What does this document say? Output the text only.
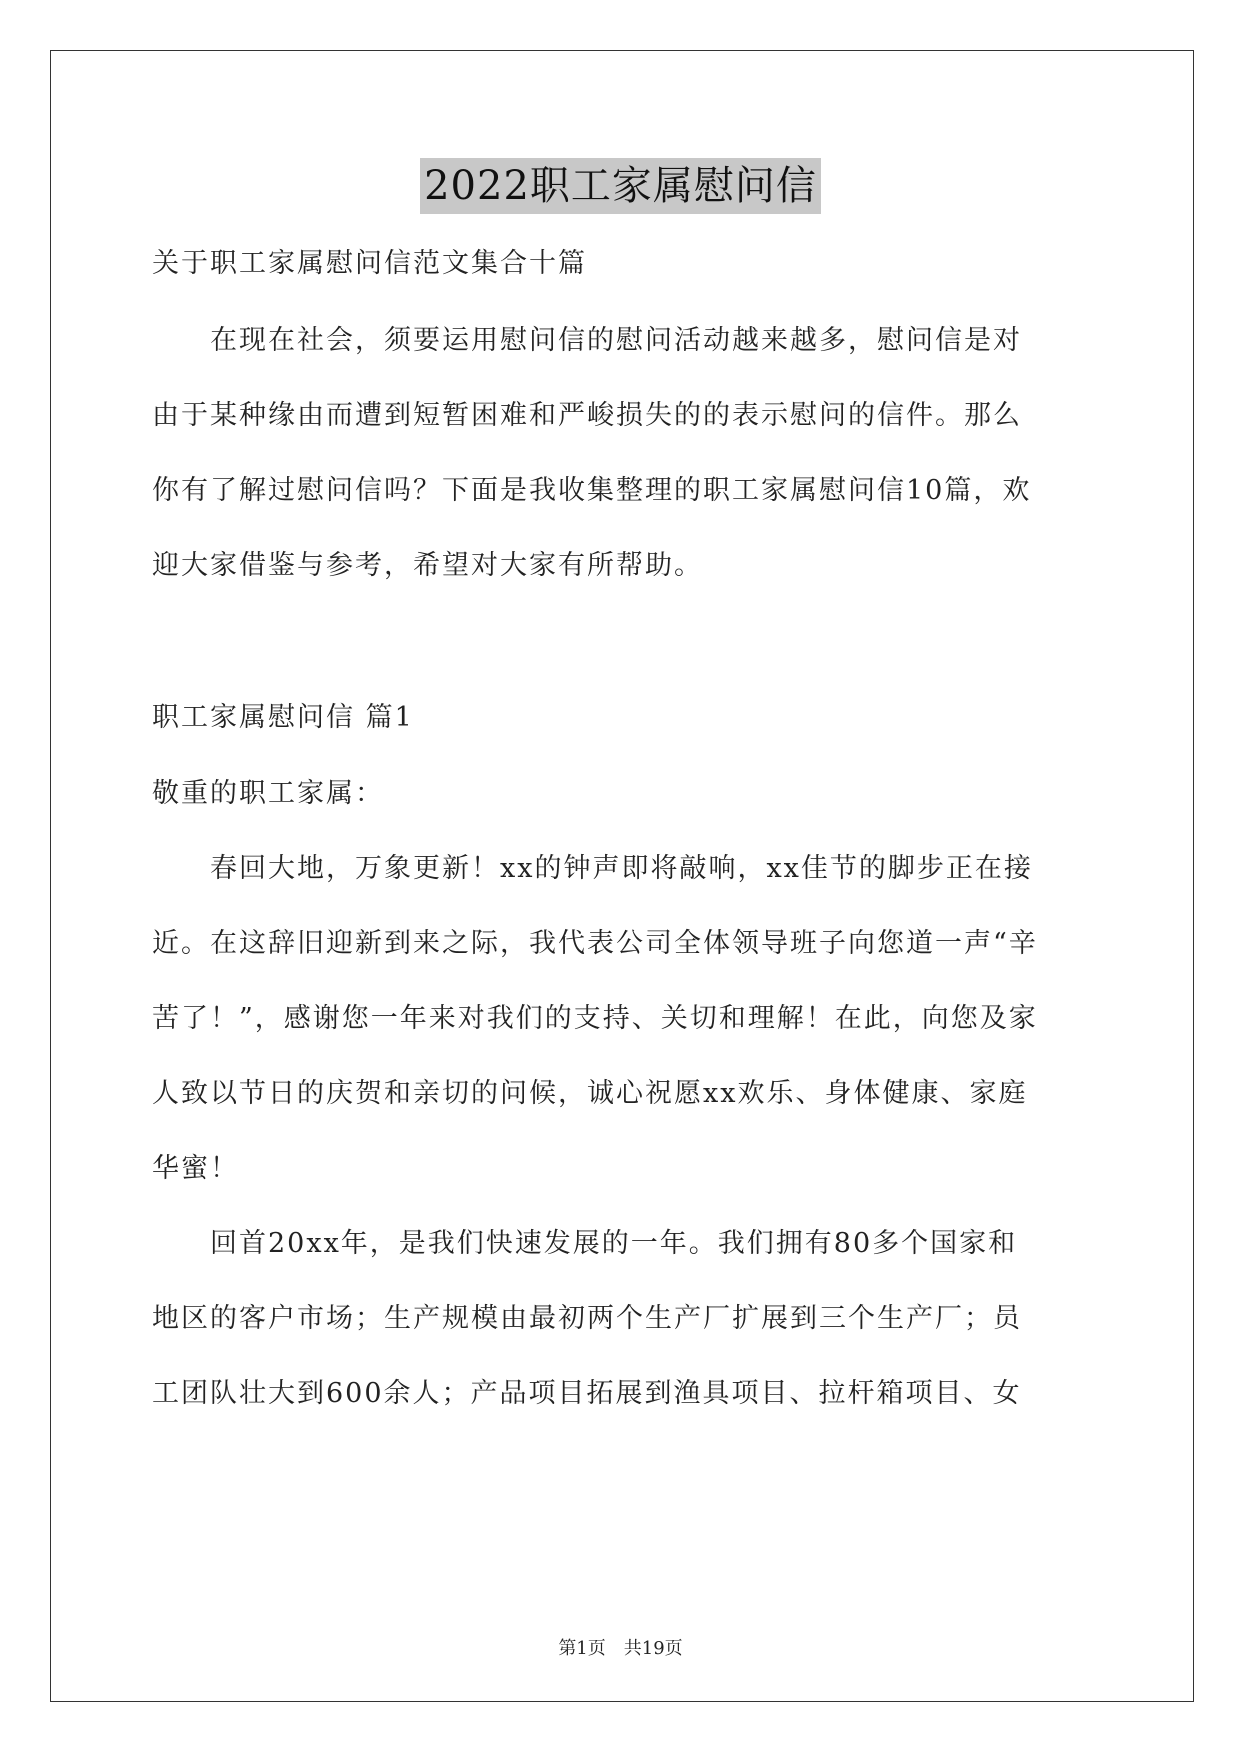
2022职工家属慰问信
关于职工家属慰问信范文集合十篇
　　在现在社会，须要运用慰问信的慰问活动越来越多，慰问信是对
由于某种缘由而遭到短暂困难和严峻损失的的表示慰问的信件。那么
你有了解过慰问信吗？下面是我收集整理的职工家属慰问信10篇，欢
迎大家借鉴与参考，希望对大家有所帮助。
职工家属慰问信 篇1
敬重的职工家属：
　　春回大地，万象更新！xx的钟声即将敲响，xx佳节的脚步正在接
近。在这辞旧迎新到来之际，我代表公司全体领导班子向您道一声“辛
苦了！”，感谢您一年来对我们的支持、关切和理解！在此，向您及家
人致以节日的庆贺和亲切的问候，诚心祝愿xx欢乐、身体健康、家庭
华蜜！
　　回首20xx年，是我们快速发展的一年。我们拥有80多个国家和
地区的客户市场；生产规模由最初两个生产厂扩展到三个生产厂；员
工团队壮大到600余人；产品项目拓展到渔具项目、拉杆箱项目、女
第1页　共19页
